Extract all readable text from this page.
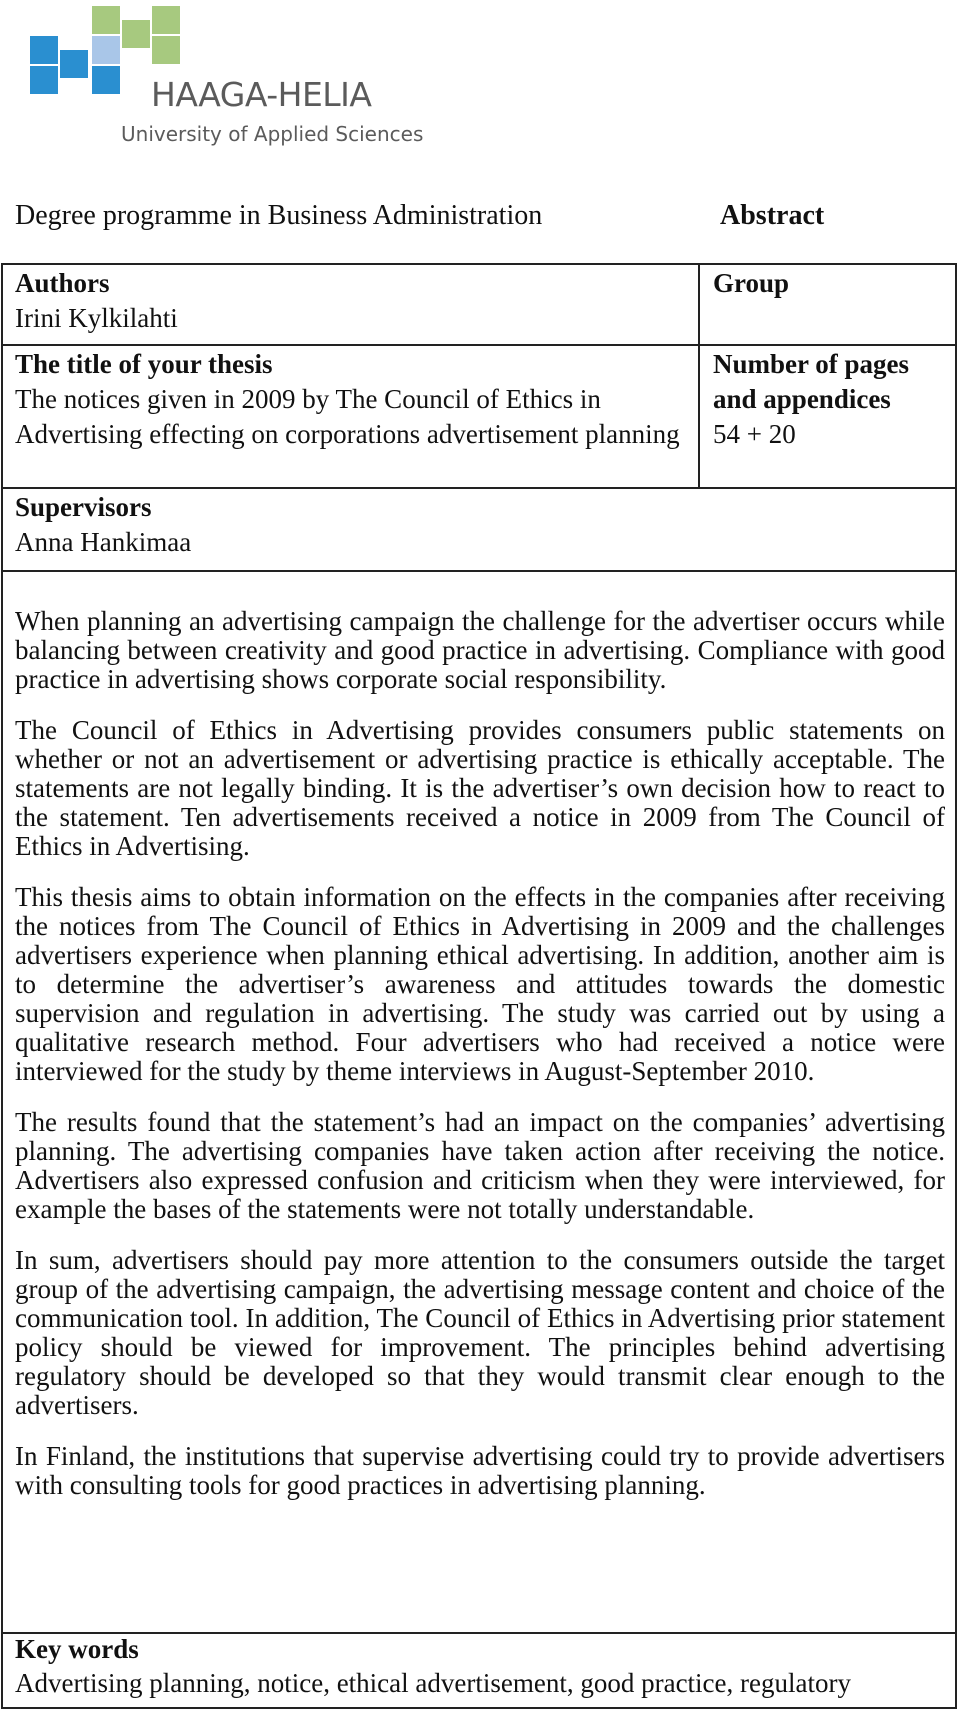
HAAGA-HELIA
University of Applied Sciences
Degree programme in Business Administration	Abstract
Authors
Irini Kylkilahti
Group
The title of your thesis
The notices given in 2009 by The Council of Ethics in Advertising effecting on corporations advertisement planning
Number of pages and appendices
54 + 20
Supervisors
Anna Hankimaa

When planning an advertising campaign the challenge for the advertiser occurs while balancing between creativity and good practice in advertising. Compliance with good practice in advertising shows corporate social responsibility.

The Council of Ethics in Advertising provides consumers public statements on whether or not an advertisement or advertising practice is ethically acceptable. The statements are not legally binding. It is the advertiser’s own decision how to react to the statement. Ten advertisements received a notice in 2009 from The Council of Ethics in Advertising.

This thesis aims to obtain information on the effects in the companies after receiving the notices from The Council of Ethics in Advertising in 2009 and the challenges advertisers experience when planning ethical advertising. In addition, another aim is to determine the advertiser’s awareness and attitudes towards the domestic supervision and regulation in advertising. The study was carried out by using a qualitative research method. Four advertisers who had received a notice were interviewed for the study by theme interviews in August-September 2010.

The results found that the statement’s had an impact on the companies’ advertising planning. The advertising companies have taken action after receiving the notice. Advertisers also expressed confusion and criticism when they were interviewed, for example the bases of the statements were not totally understandable.

In sum, advertisers should pay more attention to the consumers outside the target group of the advertising campaign, the advertising message content and choice of the communication tool. In addition, The Council of Ethics in Advertising prior statement policy should be viewed for improvement. The principles behind advertising regulatory should be developed so that they would transmit clear enough to the advertisers.

In Finland, the institutions that supervise advertising could try to provide advertisers with consulting tools for good practices in advertising planning.

Key words
Advertising planning, notice, ethical advertisement, good practice, regulatory
